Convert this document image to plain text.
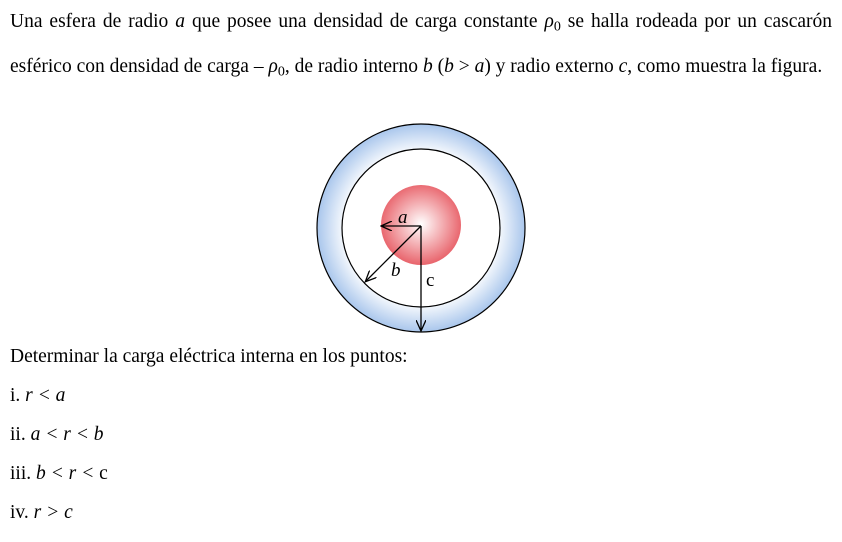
Una esfera de radio a que posee una densidad de carga constante $\rho_0$ se halla rodeada por un cascarón esférico con densidad de carga – $\rho_0$, de radio interno b (b > a) y radio externo c, como muestra la figura.
a
b c
Determinar la carga eléctrica interna en los puntos:
i. r < a
ii. a < r < b
iii. b < r < c
iv. r > c
